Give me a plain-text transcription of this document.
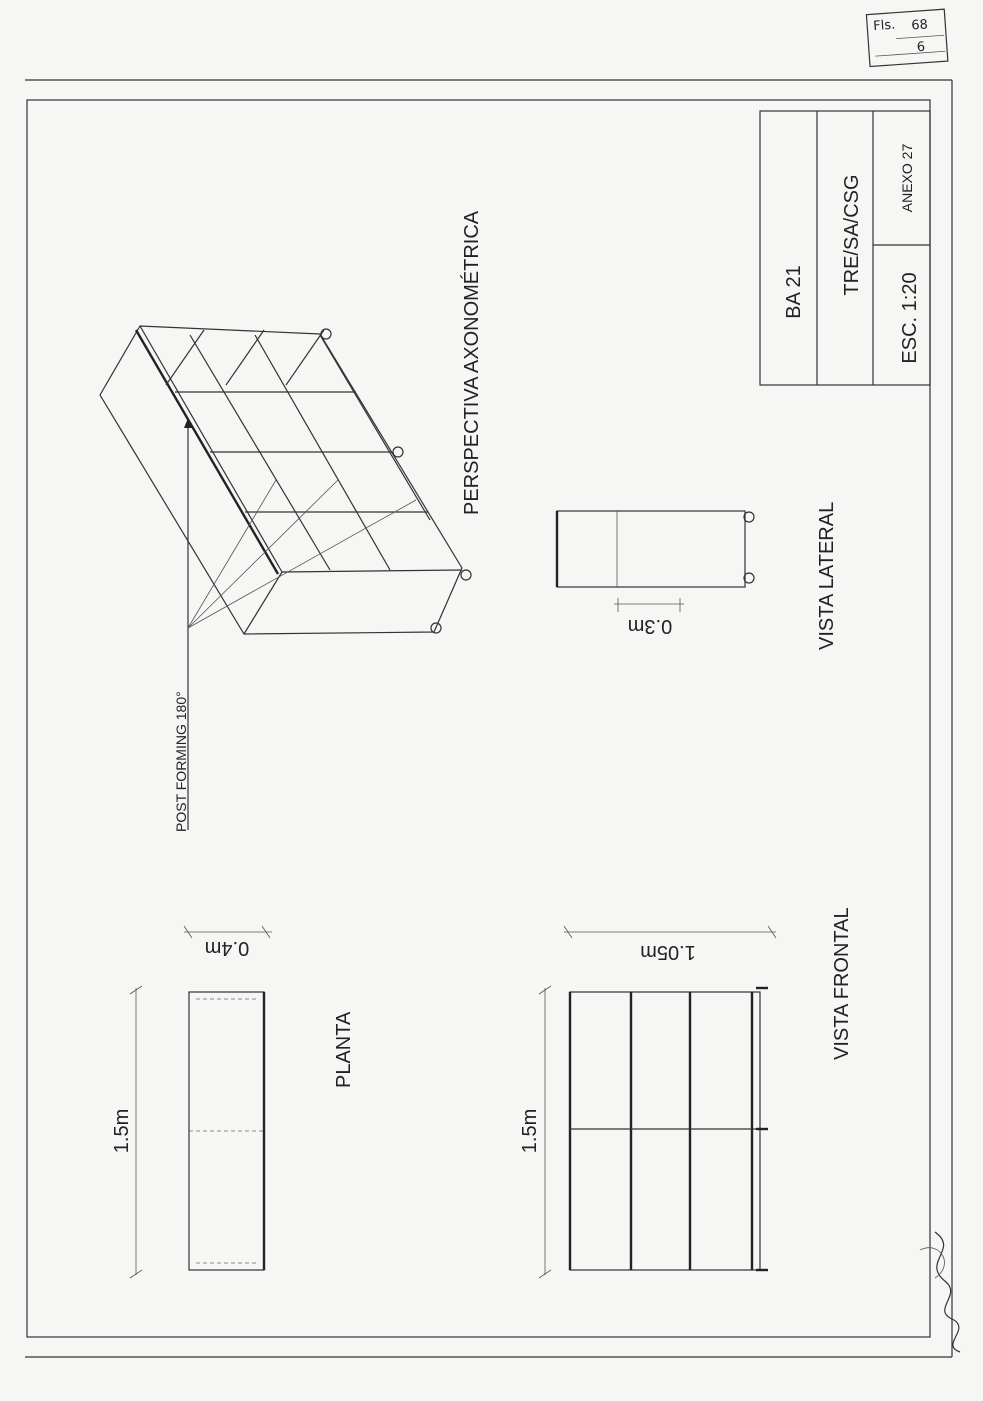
Fls. 68
6
BA 21 TRE/SA/CSG
ESC. 1:20
ANEXO 27
POST FORMING 180°
PERSPECTIVA AXONOMÉTRICA
0.3m	VISTA LATERAL
1.5m
0.4m
PLANTA
1.5m
1.05m	VISTA FRONTAL
